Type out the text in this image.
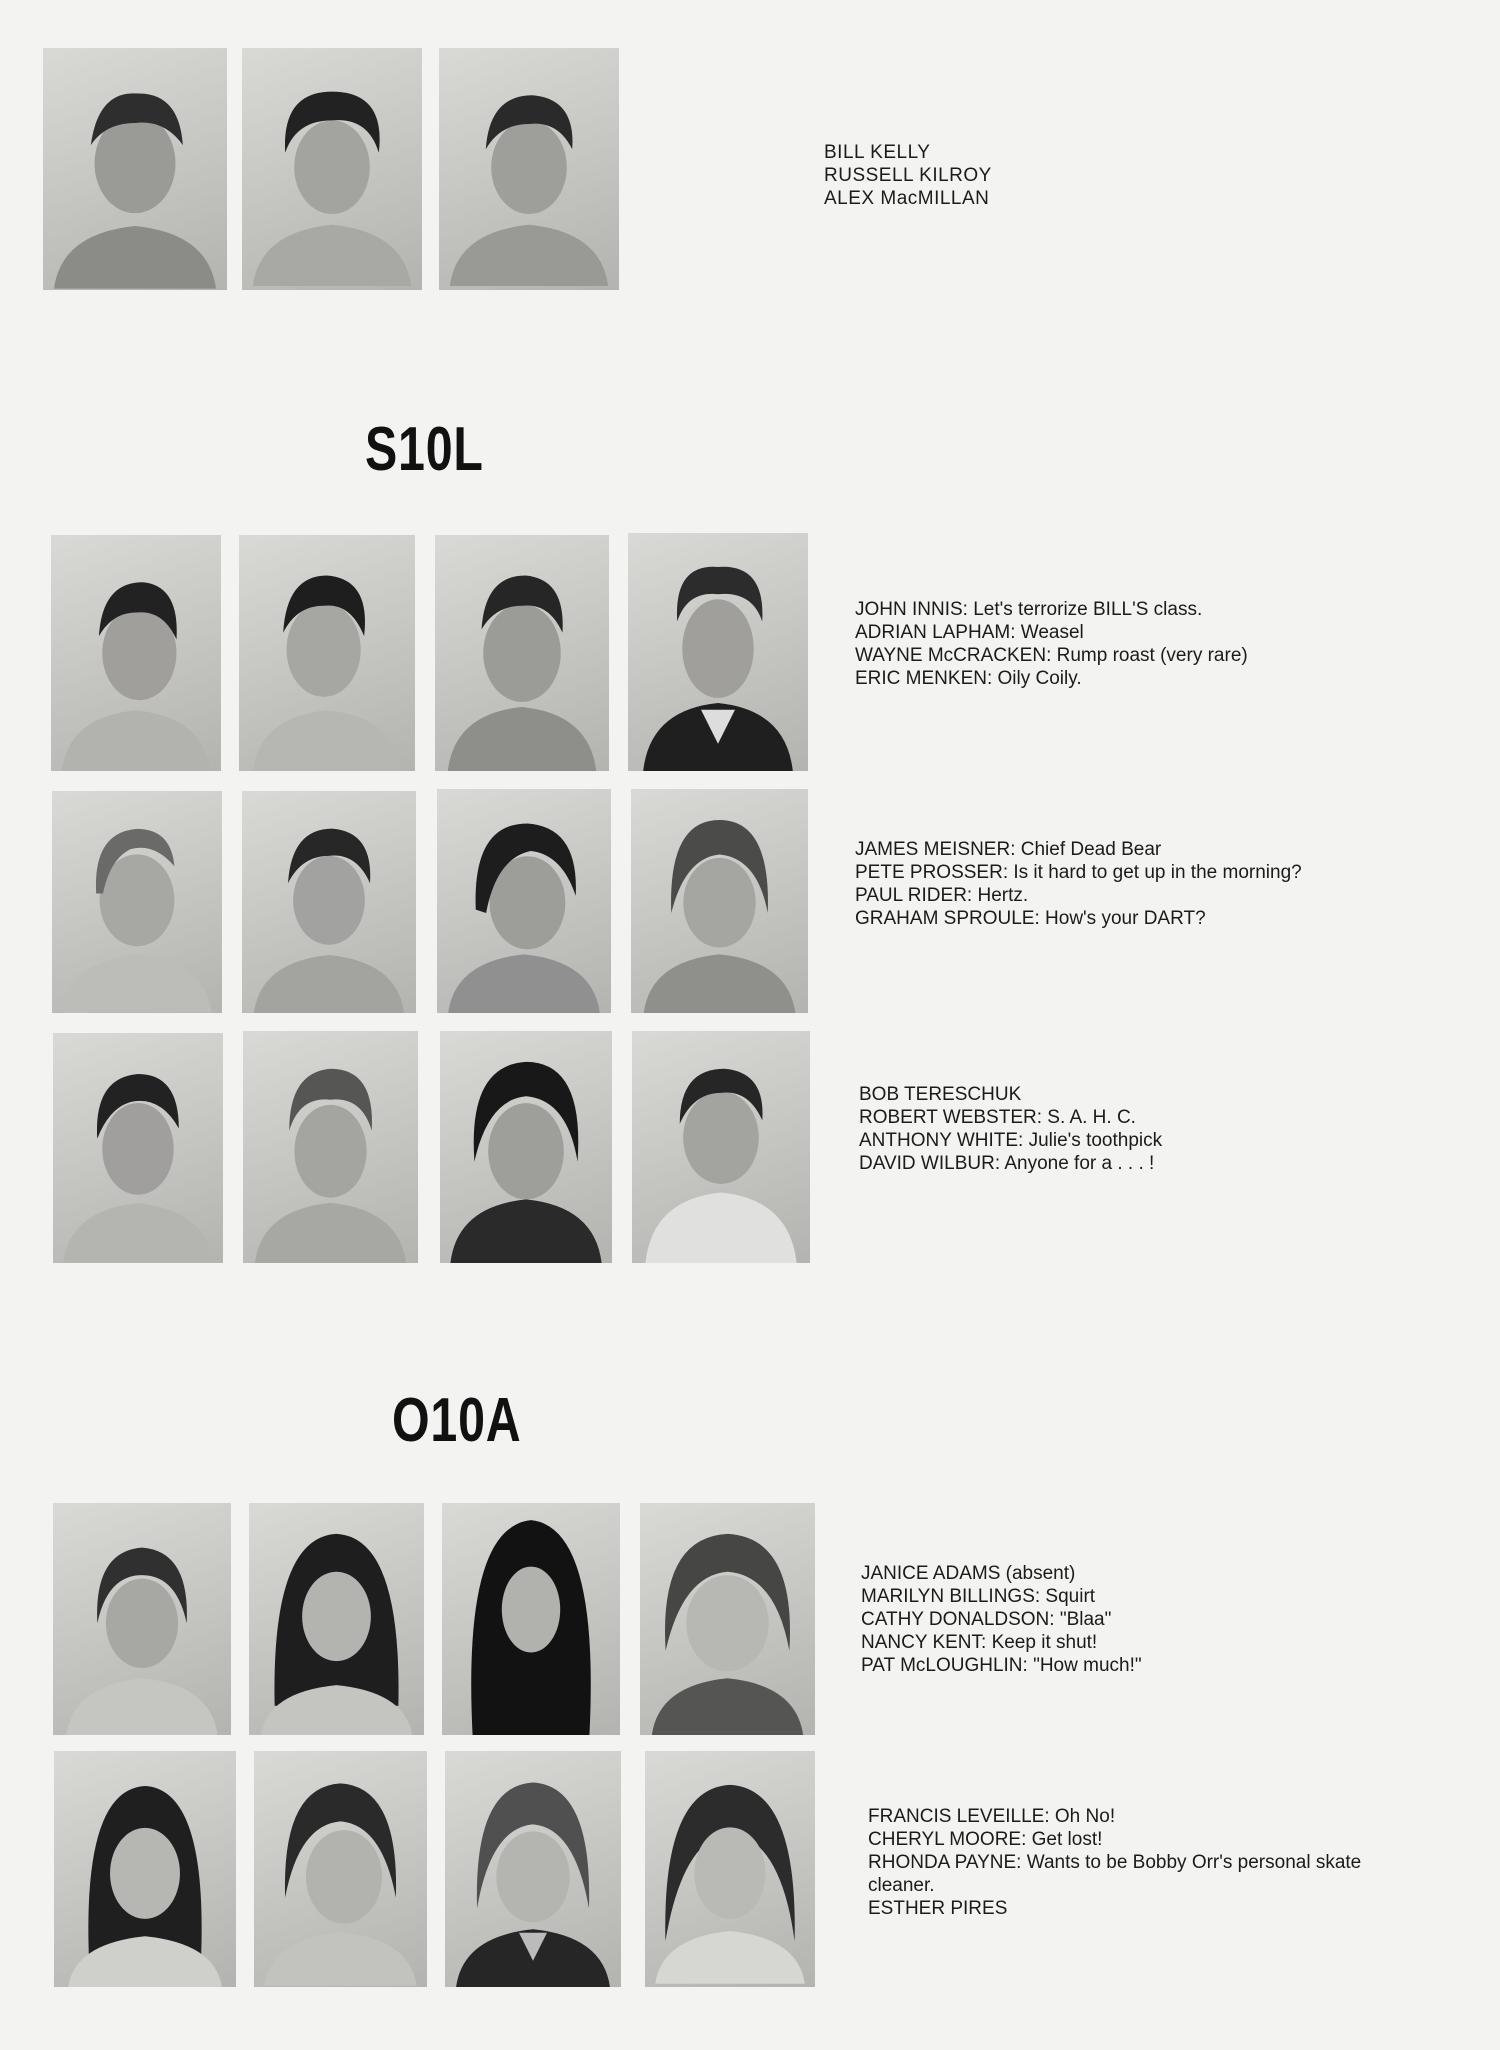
BILL KELLY
RUSSELL KILROY
ALEX MacMILLAN
S10L
JOHN INNIS: Let's terrorize BILL'S class.
ADRIAN LAPHAM: Weasel
WAYNE McCRACKEN: Rump roast (very rare)
ERIC MENKEN: Oily Coily.
JAMES MEISNER: Chief Dead Bear
PETE PROSSER: Is it hard to get up in the morning?
PAUL RIDER: Hertz.
GRAHAM SPROULE: How's your DART?
BOB TERESCHUK
ROBERT WEBSTER: S. A. H. C.
ANTHONY WHITE: Julie's toothpick
DAVID WILBUR: Anyone for a . . . !
O10A
JANICE ADAMS (absent)
MARILYN BILLINGS: Squirt
CATHY DONALDSON: "Blaa"
NANCY KENT: Keep it shut!
PAT McLOUGHLIN: "How much!"
FRANCIS LEVEILLE: Oh No!
CHERYL MOORE: Get lost!
RHONDA PAYNE: Wants to be Bobby Orr's personal skate
cleaner.
ESTHER PIRES
